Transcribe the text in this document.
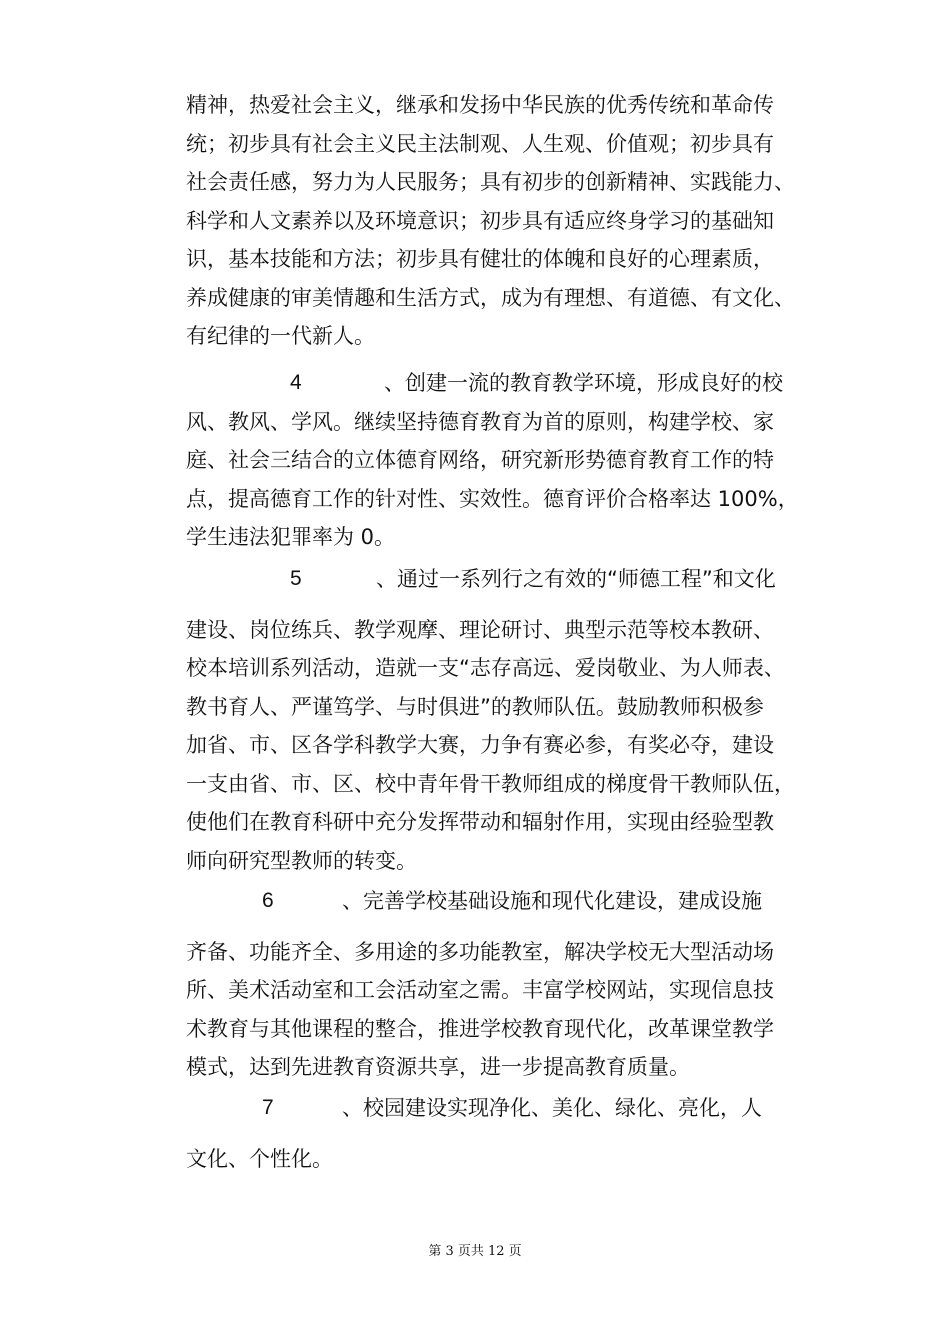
精神，热爱社会主义，继承和发扬中华民族的优秀传统和革命传
统；初步具有社会主义民主法制观、人生观、价值观；初步具有
社会责任感，努力为人民服务；具有初步的创新精神、实践能力、
科学和人文素养以及环境意识；初步具有适应终身学习的基础知
识，基本技能和方法；初步具有健壮的体魄和良好的心理素质，
养成健康的审美情趣和生活方式，成为有理想、有道德、有文化、
有纪律的一代新人。
4	、创建一流的教育教学环境，形成良好的校
风、教风、学风。继续坚持德育教育为首的原则，构建学校、家
庭、社会三结合的立体德育网络，研究新形势德育教育工作的特
点，提高德育工作的针对性、实效性。德育评价合格率达 100%，
学生违法犯罪率为 0。
5	、通过一系列行之有效的“师德工程”和文化
建设、岗位练兵、教学观摩、理论研讨、典型示范等校本教研、
校本培训系列活动，造就一支“志存高远、爱岗敬业、为人师表、
教书育人、严谨笃学、与时俱进”的教师队伍。鼓励教师积极参
加省、市、区各学科教学大赛，力争有赛必参，有奖必夺，建设
一支由省、市、区、校中青年骨干教师组成的梯度骨干教师队伍，
使他们在教育科研中充分发挥带动和辐射作用，实现由经验型教
师向研究型教师的转变。
6	、完善学校基础设施和现代化建设，建成设施
齐备、功能齐全、多用途的多功能教室，解决学校无大型活动场
所、美术活动室和工会活动室之需。丰富学校网站，实现信息技
术教育与其他课程的整合，推进学校教育现代化，改革课堂教学
模式，达到先进教育资源共享，进一步提高教育质量。
7	、校园建设实现净化、美化、绿化、亮化，人
文化、个性化。
第 3 页共 12 页
